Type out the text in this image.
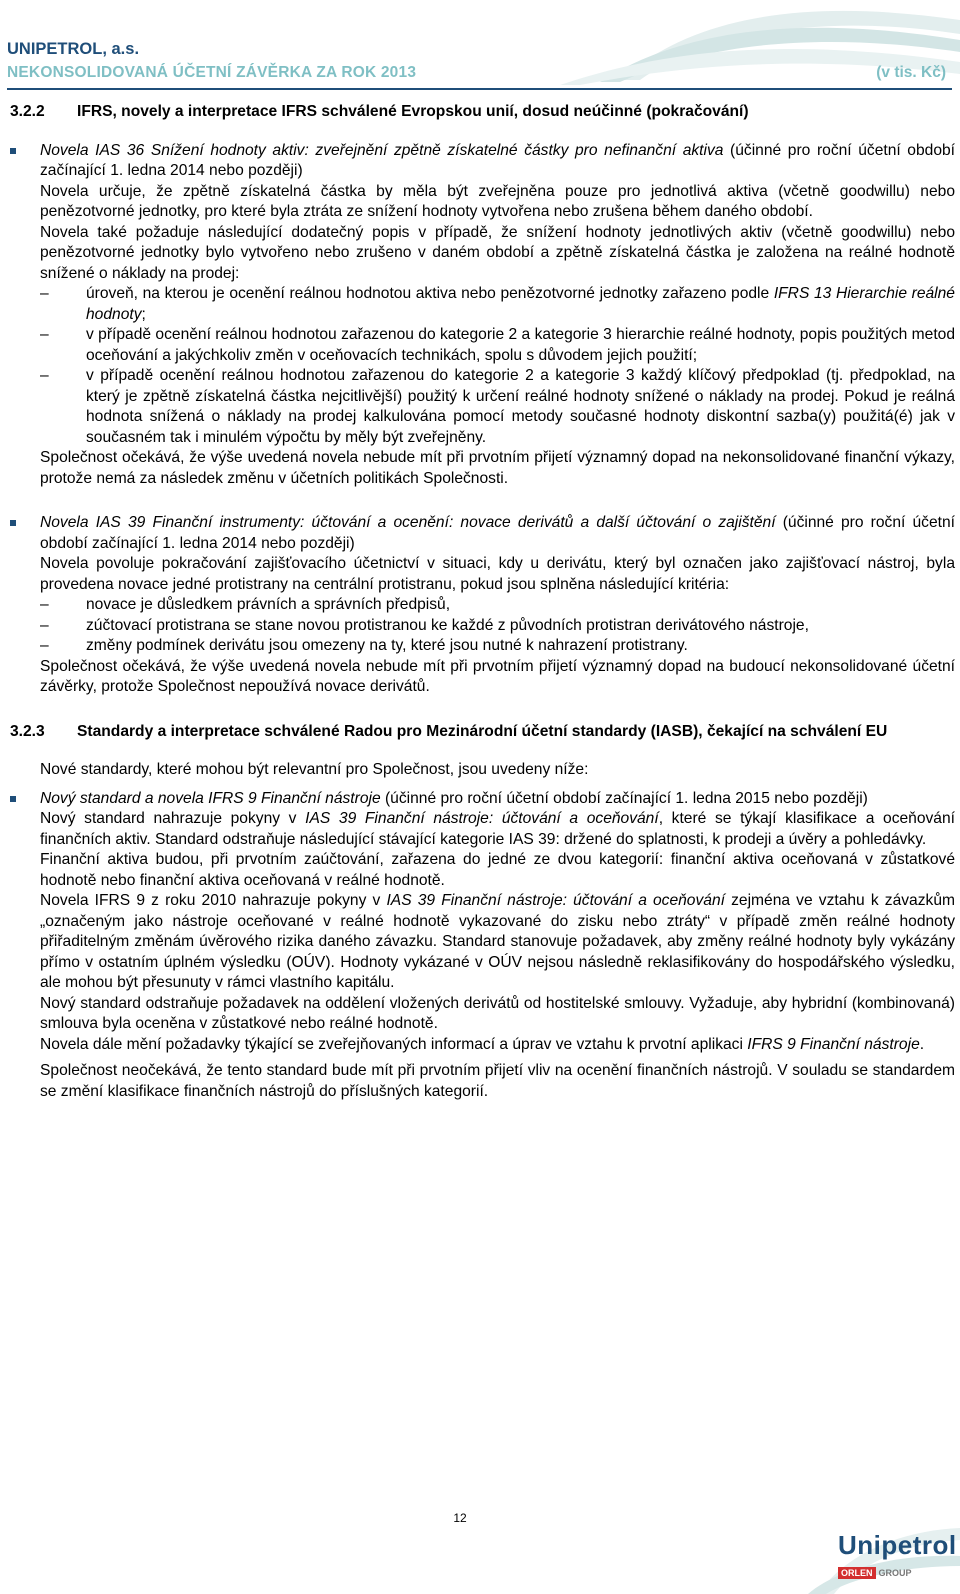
UNIPETROL, a.s.
NEKONSOLIDOVANÁ ÚČETNÍ ZÁVĚRKA ZA ROK 2013	(v tis. Kč)
3.2.2	IFRS, novely a interpretace IFRS schválené Evropskou unií, dosud neúčinné (pokračování)

Novela IAS 36 Snížení hodnoty aktiv: zveřejnění zpětně získatelné částky pro nefinanční aktiva (účinné pro roční účetní období začínající 1. ledna 2014 nebo později)

Novela určuje, že zpětně získatelná částka by měla být zveřejněna pouze pro jednotlivá aktiva (včetně goodwillu) nebo penězotvorné jednotky, pro které byla ztráta ze snížení hodnoty vytvořena nebo zrušena během daného období.

Novela také požaduje následující dodatečný popis v případě, že snížení hodnoty jednotlivých aktiv (včetně goodwillu) nebo penězotvorné jednotky bylo vytvořeno nebo zrušeno v daném období a zpětně získatelná částka je založena na reálné hodnotě snížené o náklady na prodej:

–	úroveň, na kterou je ocenění reálnou hodnotou aktiva nebo penězotvorné jednotky zařazeno podle IFRS 13 Hierarchie reálné hodnoty;

–	v případě ocenění reálnou hodnotou zařazenou do kategorie 2 a kategorie 3 hierarchie reálné hodnoty, popis použitých metod oceňování a jakýchkoliv změn v oceňovacích technikách, spolu s důvodem jejich použití;

–	v případě ocenění reálnou hodnotou zařazenou do kategorie 2 a kategorie 3 každý klíčový předpoklad (tj. předpoklad, na který je zpětně získatelná částka nejcitlivější) použitý k určení reálné hodnoty snížené o náklady na prodej. Pokud je reálná hodnota snížená o náklady na prodej kalkulována pomocí metody současné hodnoty diskontní sazba(y) použitá(é) jak v současném tak i minulém výpočtu by měly být zveřejněny.

Společnost očekává, že výše uvedená novela nebude mít při prvotním přijetí významný dopad na nekonsolidované finanční výkazy, protože nemá za následek změnu v účetních politikách Společnosti.

Novela IAS 39 Finanční instrumenty: účtování a ocenění: novace derivátů a další účtování o zajištění (účinné pro roční účetní období začínající 1. ledna 2014 nebo později)

Novela povoluje pokračování zajišťovacího účetnictví v situaci, kdy u derivátu, který byl označen jako zajišťovací nástroj, byla provedena novace jedné protistrany na centrální protistranu, pokud jsou splněna následující kritéria:

–	novace je důsledkem právních a správních předpisů,

–	zúčtovací protistrana se stane novou protistranou ke každé z původních protistran derivátového nástroje,

–	změny podmínek derivátu jsou omezeny na ty, které jsou nutné k nahrazení protistrany.

Společnost očekává, že výše uvedená novela nebude mít při prvotním přijetí významný dopad na budoucí nekonsolidované účetní závěrky, protože Společnost nepoužívá novace derivátů.

3.2.3	Standardy a interpretace schválené Radou pro Mezinárodní účetní standardy (IASB), čekající na schválení EU

Nové standardy, které mohou být relevantní pro Společnost, jsou uvedeny níže:

Nový standard a novela IFRS 9 Finanční nástroje (účinné pro roční účetní období začínající 1. ledna 2015 nebo později)

Nový standard nahrazuje pokyny v IAS 39 Finanční nástroje: účtování a oceňování, které se týkají klasifikace a oceňování finančních aktiv. Standard odstraňuje následující stávající kategorie IAS 39: držené do splatnosti, k prodeji a úvěry a pohledávky.

Finanční aktiva budou, při prvotním zaúčtování, zařazena do jedné ze dvou kategorií: finanční aktiva oceňovaná v zůstatkové hodnotě nebo finanční aktiva oceňovaná v reálné hodnotě.

Novela IFRS 9 z roku 2010 nahrazuje pokyny v IAS 39 Finanční nástroje: účtování a oceňování zejména ve vztahu k závazkům „označeným jako nástroje oceňované v reálné hodnotě vykazované do zisku nebo ztráty“ v případě změn reálné hodnoty přiřaditelným změnám úvěrového rizika daného závazku. Standard stanovuje požadavek, aby změny reálné hodnoty byly vykázány přímo v ostatním úplném výsledku (OÚV). Hodnoty vykázané v OÚV nejsou následně reklasifikovány do hospodářského výsledku, ale mohou být přesunuty v rámci vlastního kapitálu.

Nový standard odstraňuje požadavek na oddělení vložených derivátů od hostitelské smlouvy. Vyžaduje, aby hybridní (kombinovaná) smlouva byla oceněna v zůstatkové nebo reálné hodnotě.

Novela dále mění požadavky týkající se zveřejňovaných informací a úprav ve vztahu k prvotní aplikaci IFRS 9 Finanční nástroje.

Společnost neočekává, že tento standard bude mít při prvotním přijetí vliv na ocenění finančních nástrojů. V souladu se standardem se změní klasifikace finančních nástrojů do příslušných kategorií.

12
Unipetrol
ORLEN GROUP
